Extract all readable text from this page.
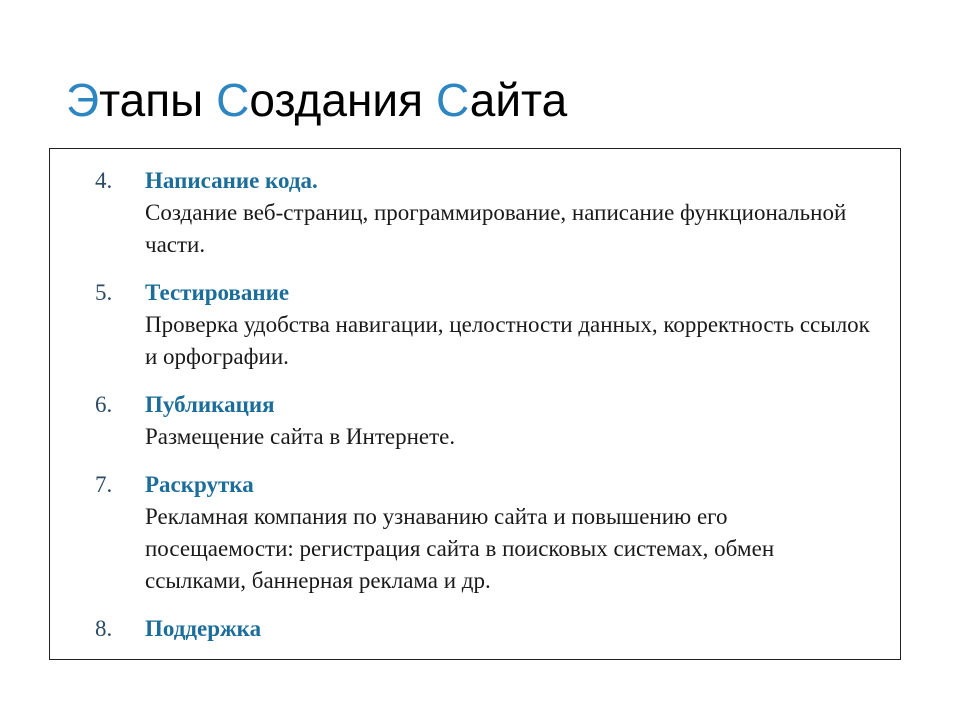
Этапы Создания Сайта
4. Написание кода.
Создание веб-страниц, программирование, написание функциональной части.
5. Тестирование
Проверка удобства навигации, целостности данных, корректность ссылок и орфографии.
6. Публикация
Размещение сайта в Интернете.
7. Раскрутка
Рекламная компания по узнаванию сайта и повышению его посещаемости: регистрация сайта в поисковых системах, обмен ссылками, баннерная реклама и др.
8. Поддержка
